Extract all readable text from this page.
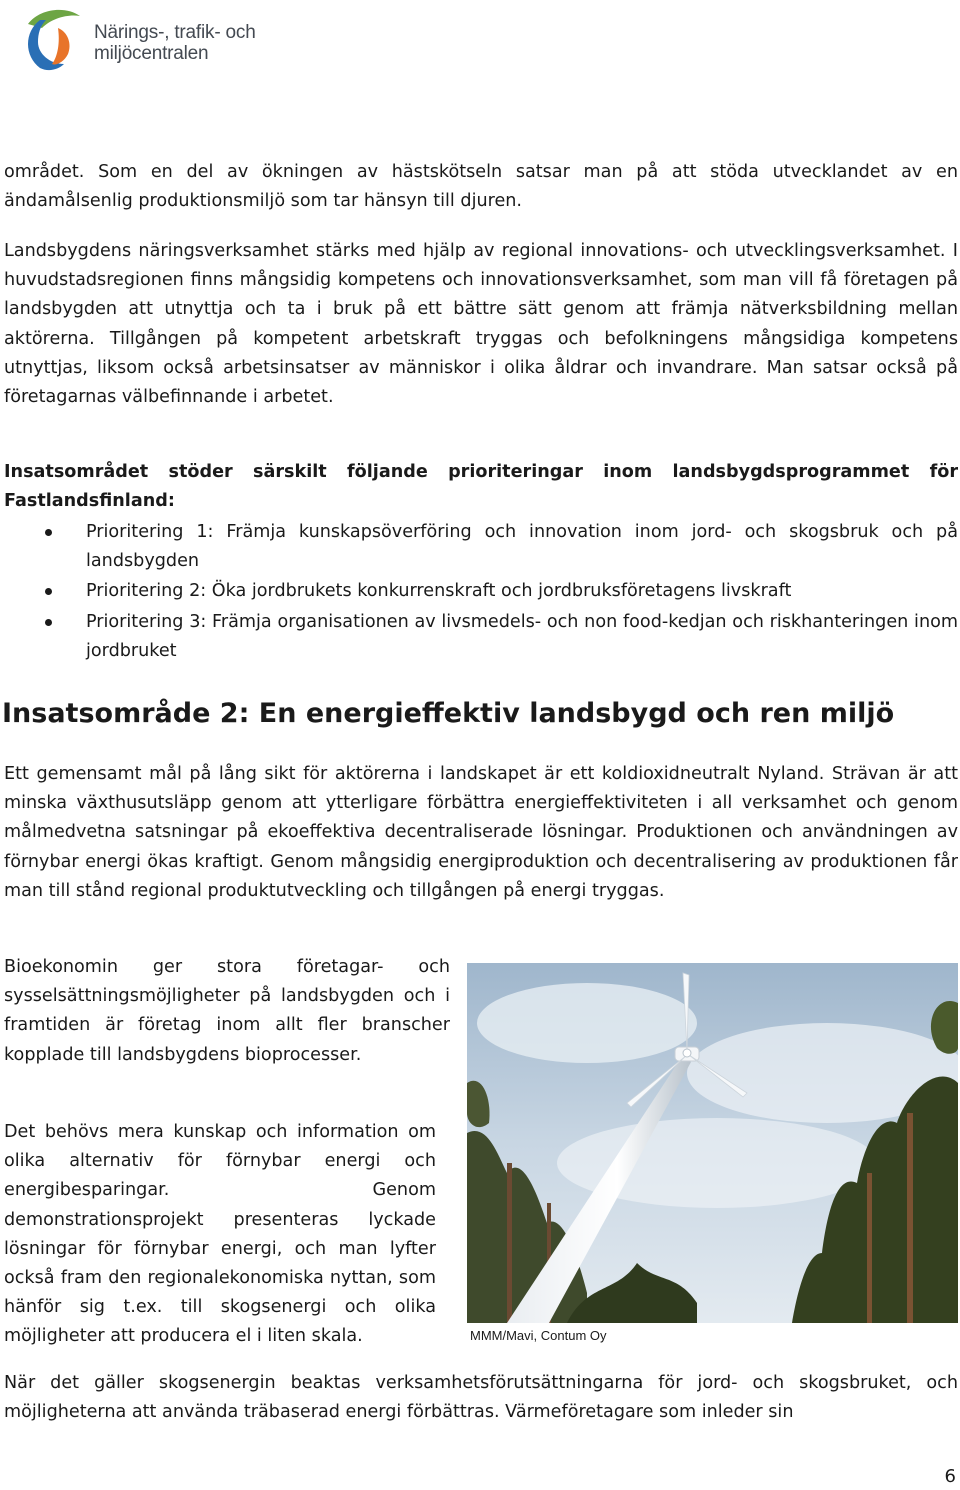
Närings-, trafik- och
miljöcentralen

området. Som en del av ökningen av hästskötseln satsar man på att stöda utvecklandet av en ändamålsenlig produktionsmiljö som tar hänsyn till djuren.

Landsbygdens näringsverksamhet stärks med hjälp av regional innovations- och utvecklingsverksamhet. I huvudstadsregionen finns mångsidig kompetens och innovationsverksamhet, som man vill få företagen på landsbygden att utnyttja och ta i bruk på ett bättre sätt genom att främja nätverksbildning mellan aktörerna. Tillgången på kompetent arbetskraft tryggas och befolkningens mångsidiga kompetens utnyttjas, liksom också arbetsinsatser av människor i olika åldrar och invandrare. Man satsar också på företagarnas välbefinnande i arbetet.

Insatsområdet stöder särskilt följande prioriteringar inom landsbygdsprogrammet för Fastlandsfinland:

Prioritering 1: Främja kunskapsöverföring och innovation inom jord- och skogsbruk och på landsbygden
Prioritering 2: Öka jordbrukets konkurrenskraft och jordbruksföretagens livskraft
Prioritering 3: Främja organisationen av livsmedels- och non food-kedjan och riskhanteringen inom jordbruket
Insatsområde 2: En energieffektiv landsbygd och ren miljö

Ett gemensamt mål på lång sikt för aktörerna i landskapet är ett koldioxidneutralt Nyland. Strävan är att minska växthusutsläpp genom att ytterligare förbättra energieffektiviteten i all verksamhet och genom målmedvetna satsningar på ekoeffektiva decentraliserade lösningar. Produktionen och användningen av förnybar energi ökas kraftigt. Genom mångsidig energiproduktion och decentralisering av produktionen får man till stånd regional produktutveckling och tillgången på energi tryggas.

Bioekonomin ger stora företagar- och sysselsättningsmöjligheter på landsbygden och i framtiden är företag inom allt fler branscher kopplade till landsbygdens bioprocesser.

Det behövs mera kunskap och information om olika alternativ för förnybar energi och energibesparingar. Genom demonstrationsprojekt presenteras lyckade lösningar för förnybar energi, och man lyfter också fram den regionalekonomiska nyttan, som hänför sig t.ex. till skogsenergi och olika möjligheter att producera el i liten skala.	MMM/Mavi, Contum Oy

När det gäller skogsenergin beaktas verksamhetsförutsättningarna för jord- och skogsbruket, och möjligheterna att använda träbaserad energi förbättras. Värmeföretagare som inleder sin

6
